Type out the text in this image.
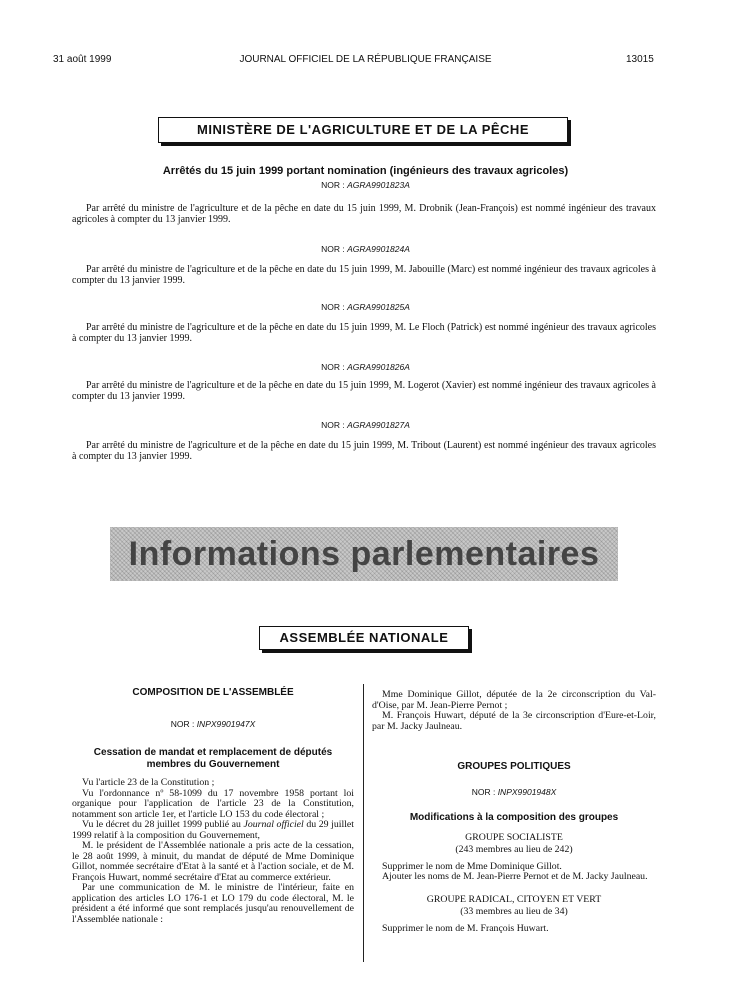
31 août 1999	JOURNAL OFFICIEL DE LA RÉPUBLIQUE FRANÇAISE	13015
MINISTÈRE DE L'AGRICULTURE ET DE LA PÊCHE
Arrêtés du 15 juin 1999 portant nomination (ingénieurs des travaux agricoles)
NOR : AGRA9901823A

Par arrêté du ministre de l'agriculture et de la pêche en date du 15 juin 1999, M. Drobnik (Jean-François) est nommé ingénieur des travaux agricoles à compter du 13 janvier 1999.

NOR : AGRA9901824A

Par arrêté du ministre de l'agriculture et de la pêche en date du 15 juin 1999, M. Jabouille (Marc) est nommé ingénieur des travaux agricoles à compter du 13 janvier 1999.

NOR : AGRA9901825A

Par arrêté du ministre de l'agriculture et de la pêche en date du 15 juin 1999, M. Le Floch (Patrick) est nommé ingénieur des travaux agricoles à compter du 13 janvier 1999.

NOR : AGRA9901826A

Par arrêté du ministre de l'agriculture et de la pêche en date du 15 juin 1999, M. Logerot (Xavier) est nommé ingénieur des travaux agricoles à compter du 13 janvier 1999.

NOR : AGRA9901827A

Par arrêté du ministre de l'agriculture et de la pêche en date du 15 juin 1999, M. Tribout (Laurent) est nommé ingénieur des travaux agricoles à compter du 13 janvier 1999.

Informations parlementaires
ASSEMBLÉE NATIONALE
COMPOSITION DE L'ASSEMBLÉE
NOR : INPX9901947X
Cessation de mandat et remplacement de députés membres du Gouvernement

Vu l'article 23 de la Constitution ;

Vu l'ordonnance nº 58-1099 du 17 novembre 1958 portant loi organique pour l'application de l'article 23 de la Constitution, notamment son article 1er, et l'article LO 153 du code électoral ;

Vu le décret du 28 juillet 1999 publié au Journal officiel du 29 juillet 1999 relatif à la composition du Gouvernement,

M. le président de l'Assemblée nationale a pris acte de la cessation, le 28 août 1999, à minuit, du mandat de député de Mme Dominique Gillot, nommée secrétaire d'Etat à la santé et à l'action sociale, et de M. François Huwart, nommé secrétaire d'Etat au commerce extérieur.

Par une communication de M. le ministre de l'intérieur, faite en application des articles LO 176-1 et LO 179 du code électoral, M. le président a été informé que sont remplacés jusqu'au renouvellement de l'Assemblée nationale :

Mme Dominique Gillot, députée de la 2e circonscription du Val-d'Oise, par M. Jean-Pierre Pernot ;

M. François Huwart, député de la 3e circonscription d'Eure-et-Loir, par M. Jacky Jaulneau.

GROUPES POLITIQUES
NOR : INPX9901948X
Modifications à la composition des groupes
GROUPE SOCIALISTE
(243 membres au lieu de 242)

Supprimer le nom de Mme Dominique Gillot.

Ajouter les noms de M. Jean-Pierre Pernot et de M. Jacky Jaulneau.

GROUPE RADICAL, CITOYEN ET VERT
(33 membres au lieu de 34)

Supprimer le nom de M. François Huwart.
